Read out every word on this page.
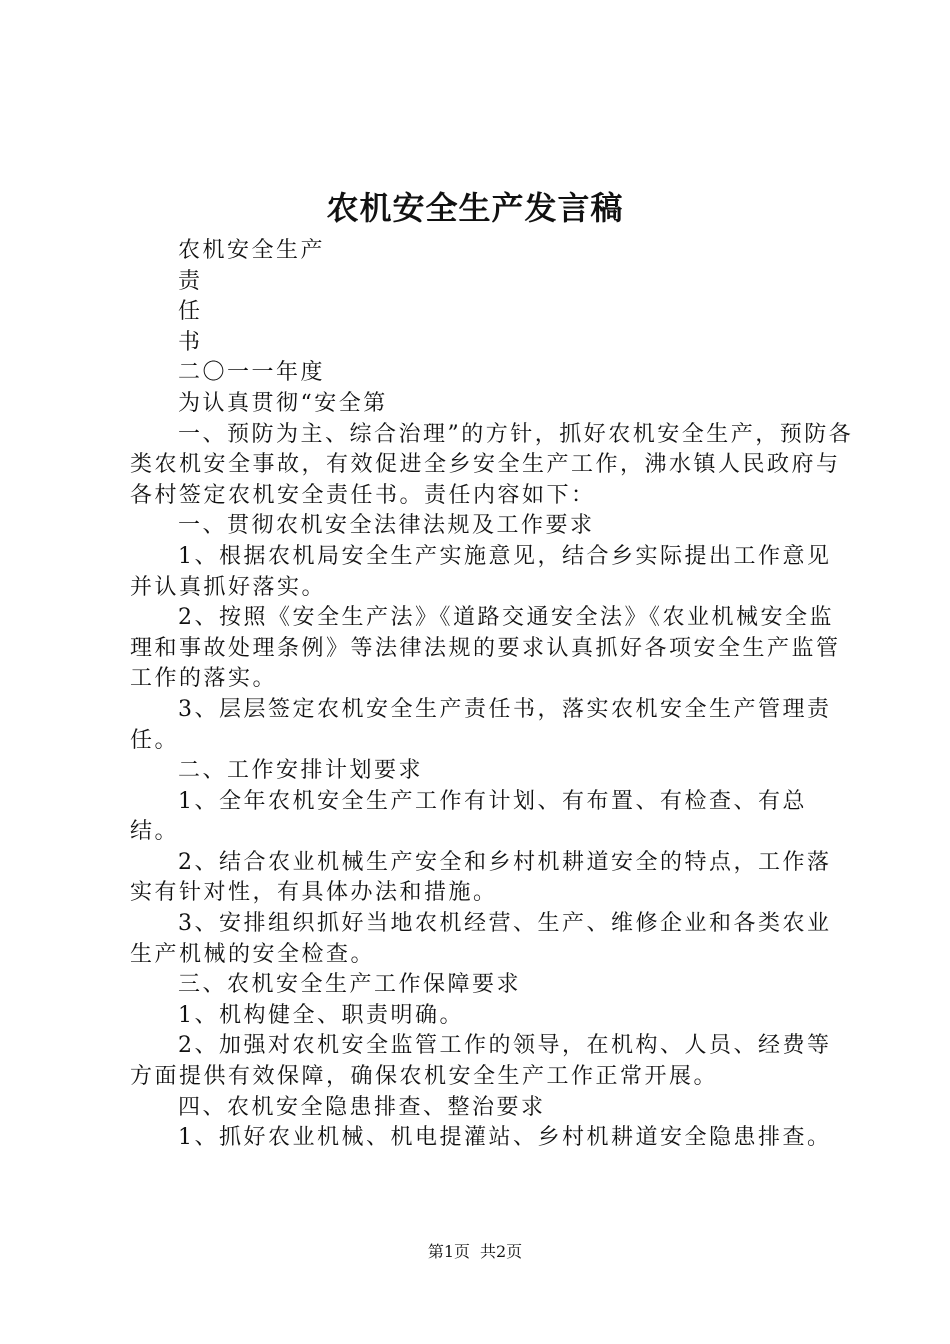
农机安全生产发言稿

农机安全生产

责

任

书

二〇一一年度

为认真贯彻“安全第

一、预防为主、综合治理”的方针，抓好农机安全生产，预防各类农机安全事故，有效促进全乡安全生产工作，沸水镇人民政府与各村签定农机安全责任书。责任内容如下：

一、贯彻农机安全法律法规及工作要求

1、根据农机局安全生产实施意见，结合乡实际提出工作意见并认真抓好落实。

2、按照《安全生产法》《道路交通安全法》《农业机械安全监理和事故处理条例》等法律法规的要求认真抓好各项安全生产监管工作的落实。

3、层层签定农机安全生产责任书，落实农机安全生产管理责任。

二、工作安排计划要求

1、全年农机安全生产工作有计划、有布置、有检查、有总结。

2、结合农业机械生产安全和乡村机耕道安全的特点，工作落实有针对性，有具体办法和措施。

3、安排组织抓好当地农机经营、生产、维修企业和各类农业生产机械的安全检查。

三、农机安全生产工作保障要求

1、机构健全、职责明确。

2、加强对农机安全监管工作的领导，在机构、人员、经费等方面提供有效保障，确保农机安全生产工作正常开展。

四、农机安全隐患排查、整治要求

1、抓好农业机械、机电提灌站、乡村机耕道安全隐患排查。

第1页 共2页
